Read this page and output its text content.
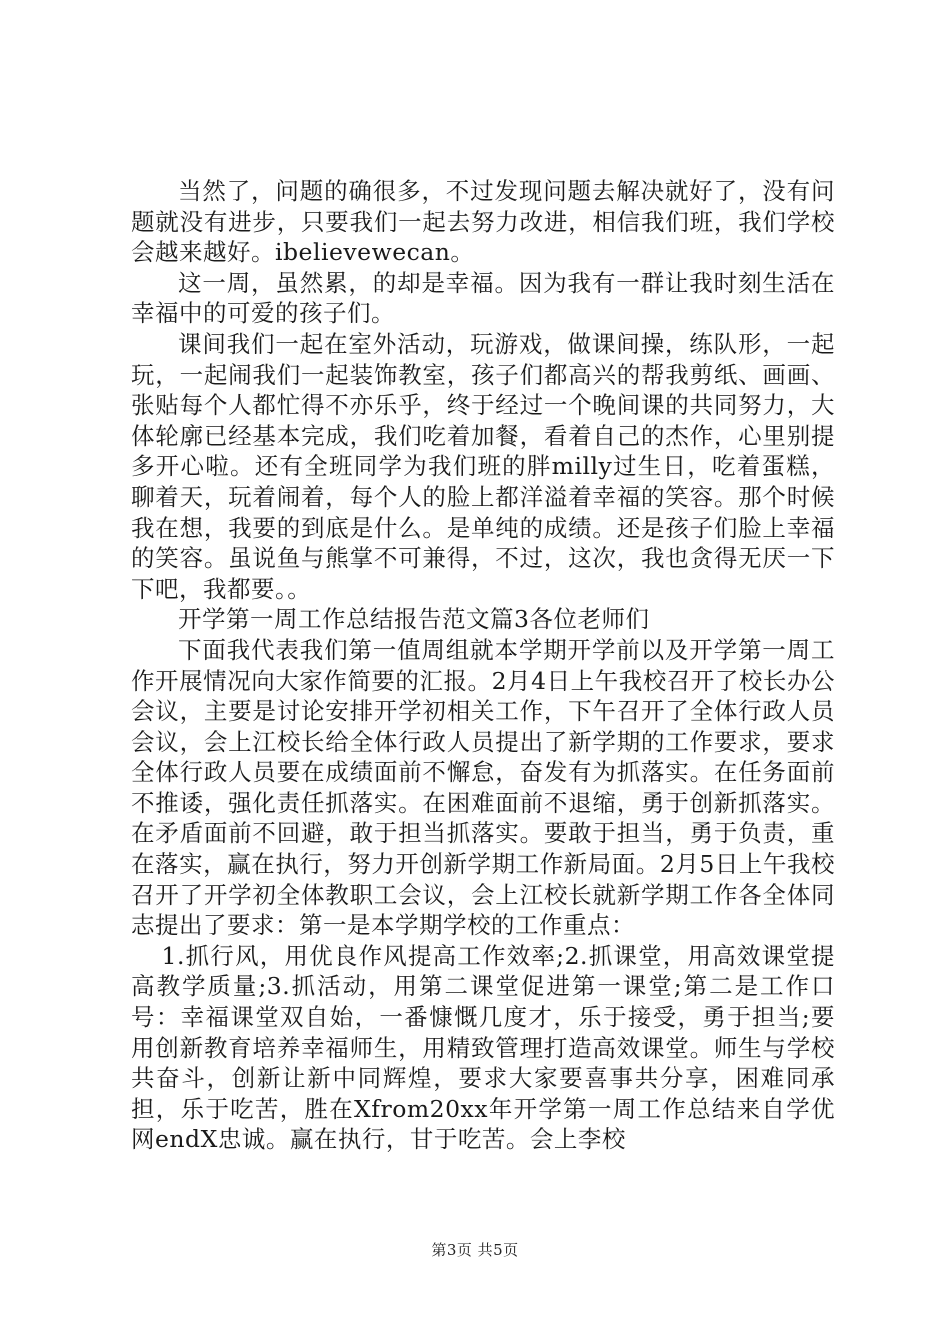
当然了，问题的确很多，不过发现问题去解决就好了，没有问题就没有进步，只要我们一起去努力改进，相信我们班，我们学校会越来越好。ibelievewecan。

这一周，虽然累，的却是幸福。因为我有一群让我时刻生活在幸福中的可爱的孩子们。

课间我们一起在室外活动，玩游戏，做课间操，练队形，一起玩，一起闹我们一起装饰教室，孩子们都高兴的帮我剪纸、画画、张贴每个人都忙得不亦乐乎，终于经过一个晚间课的共同努力，大体轮廓已经基本完成，我们吃着加餐，看着自己的杰作，心里别提多开心啦。还有全班同学为我们班的胖milly过生日，吃着蛋糕，聊着天，玩着闹着，每个人的脸上都洋溢着幸福的笑容。那个时候我在想，我要的到底是什么。是单纯的成绩。还是孩子们脸上幸福的笑容。虽说鱼与熊掌不可兼得，不过，这次，我也贪得无厌一下下吧，我都要。。

开学第一周工作总结报告范文篇3各位老师们

下面我代表我们第一值周组就本学期开学前以及开学第一周工作开展情况向大家作简要的汇报。2月4日上午我校召开了校长办公会议，主要是讨论安排开学初相关工作，下午召开了全体行政人员会议，会上江校长给全体行政人员提出了新学期的工作要求，要求全体行政人员要在成绩面前不懈怠，奋发有为抓落实。在任务面前不推诿，强化责任抓落实。在困难面前不退缩，勇于创新抓落实。在矛盾面前不回避，敢于担当抓落实。要敢于担当，勇于负责，重在落实，赢在执行，努力开创新学期工作新局面。2月5日上午我校召开了开学初全体教职工会议，会上江校长就新学期工作各全体同志提出了要求：第一是本学期学校的工作重点：

1.抓行风，用优良作风提高工作效率;2.抓课堂，用高效课堂提高教学质量;3.抓活动，用第二课堂促进第一课堂;第二是工作口号：幸福课堂双自始，一番慷慨几度才，乐于接受，勇于担当;要用创新教育培养幸福师生，用精致管理打造高效课堂。师生与学校共奋斗，创新让新中同辉煌，要求大家要喜事共分享，困难同承担，乐于吃苦，胜在Xfrom20xx年开学第一周工作总结来自学优网endX忠诚。赢在执行，甘于吃苦。会上李校

第3页 共5页
